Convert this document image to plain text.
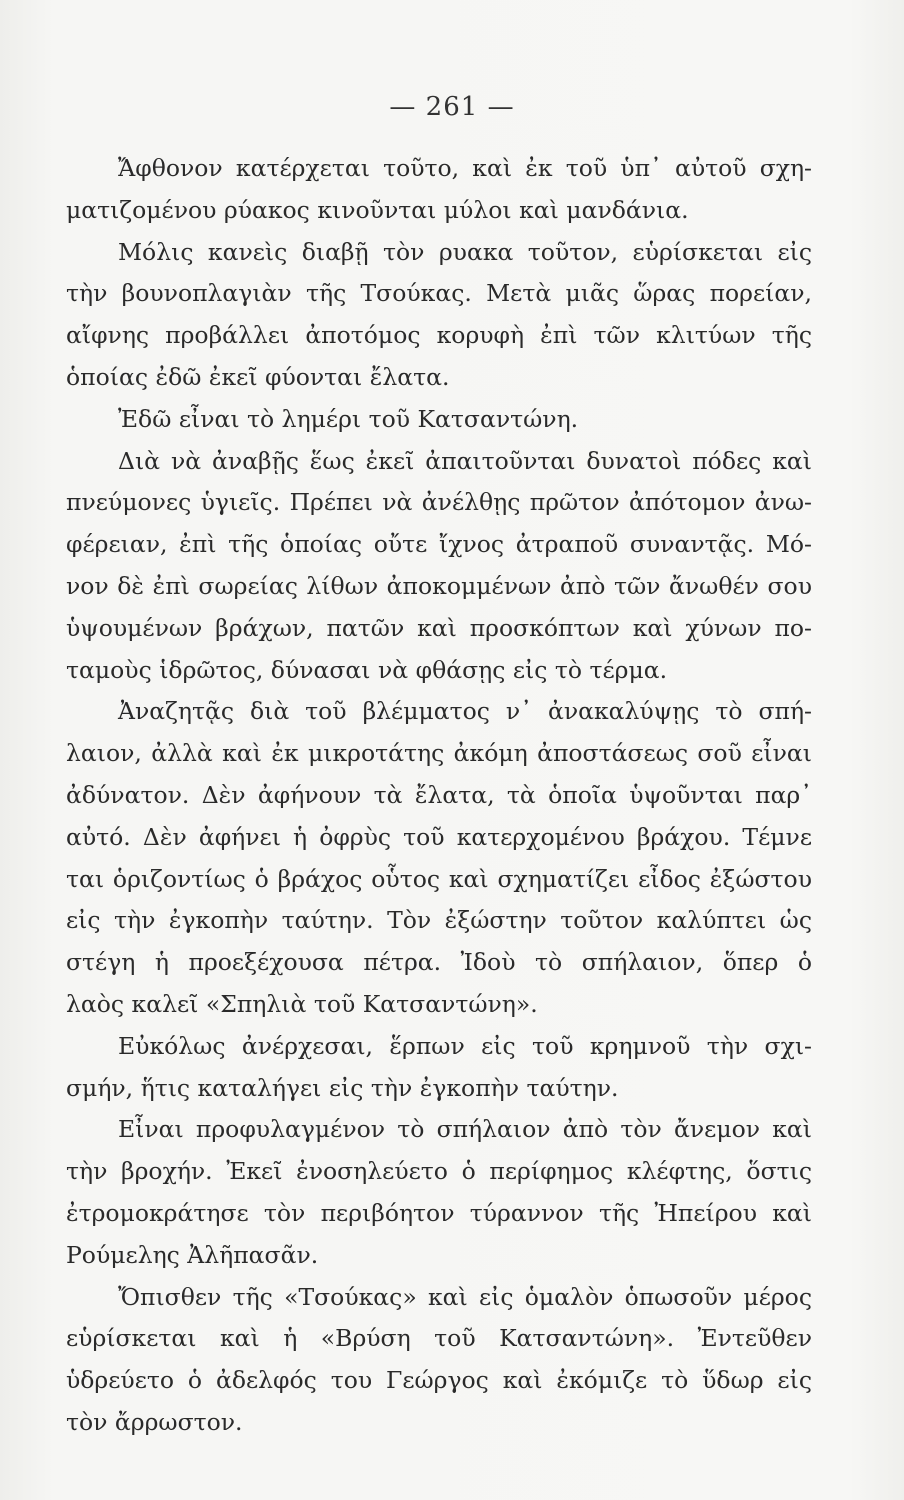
— 261 —
Ἄφθονον κατέρχεται τοῦτο, καὶ ἐκ τοῦ ὑπ᾽ αὐτοῦ σχη-
ματιζομένου ρύακος κινοῦνται μύλοι καὶ μανδάνια.
Μόλις κανεὶς διαβῇ τὸν ρυακα τοῦτον, εὑρίσκεται εἰς
τὴν βουνοπλαγιὰν τῆς Τσούκας. Μετὰ μιᾶς ὥρας πορείαν,
αἴφνης προβάλλει ἀποτόμος κορυφὴ ἐπὶ τῶν κλιτύων τῆς
ὁποίας ἐδῶ ἐκεῖ φύονται ἔλατα.
Ἐδῶ εἶναι τὸ λημέρι τοῦ Κατσαντώνη.
Διὰ νὰ ἀναβῇς ἕως ἐκεῖ ἀπαιτοῦνται δυνατοὶ πόδες καὶ
πνεύμονες ὑγιεῖς. Πρέπει νὰ ἀνέλθῃς πρῶτον ἀπότομον ἀνω-
φέρειαν, ἐπὶ τῆς ὁποίας οὔτε ἴχνος ἀτραποῦ συναντᾷς. Μό-
νον δὲ ἐπὶ σωρείας λίθων ἀποκομμένων ἀπὸ τῶν ἄνωθέν σου
ὑψουμένων βράχων, πατῶν καὶ προσκόπτων καὶ χύνων πο-
ταμοὺς ἱδρῶτος, δύνασαι νὰ φθάσῃς εἰς τὸ τέρμα.
Ἀναζητᾷς διὰ τοῦ βλέμματος ν᾽ ἀνακαλύψῃς τὸ σπή-
λαιον, ἀλλὰ καὶ ἐκ μικροτάτης ἀκόμη ἀποστάσεως σοῦ εἶναι
ἀδύνατον. Δὲν ἀφήνουν τὰ ἔλατα, τὰ ὁποῖα ὑψοῦνται παρ᾽
αὐτό. Δὲν ἀφήνει ἡ ὀφρὺς τοῦ κατερχομένου βράχου. Τέμνε
ται ὁριζοντίως ὁ βράχος οὗτος καὶ σχηματίζει εἶδος ἐξώστου
εἰς τὴν ἐγκοπὴν ταύτην. Τὸν ἐξώστην τοῦτον καλύπτει ὡς
στέγη ἡ προεξέχουσα πέτρα. Ἰδοὺ τὸ σπήλαιον, ὅπερ ὁ
λαὸς καλεῖ «Σπηλιὰ τοῦ Κατσαντώνη».
Εὐκόλως ἀνέρχεσαι, ἕρπων εἰς τοῦ κρημνοῦ τὴν σχι-
σμήν, ἥτις καταλήγει εἰς τὴν ἐγκοπὴν ταύτην.
Εἶναι προφυλαγμένον τὸ σπήλαιον ἀπὸ τὸν ἄνεμον καὶ
τὴν βροχήν. Ἐκεῖ ἐνοσηλεύετο ὁ περίφημος κλέφτης, ὅστις
ἐτρομοκράτησε τὸν περιβόητον τύραννον τῆς Ἠπείρου καὶ
Ρούμελης Ἀλῆπασᾶν.
Ὄπισθεν τῆς «Τσούκας» καὶ εἰς ὁμαλὸν ὁπωσοῦν μέρος
εὑρίσκεται καὶ ἡ «Βρύση τοῦ Κατσαντώνη». Ἐντεῦθεν
ὑδρεύετο ὁ ἀδελφός του Γεώργος καὶ ἐκόμιζε τὸ ὕδωρ εἰς
τὸν ἄρρωστον.
